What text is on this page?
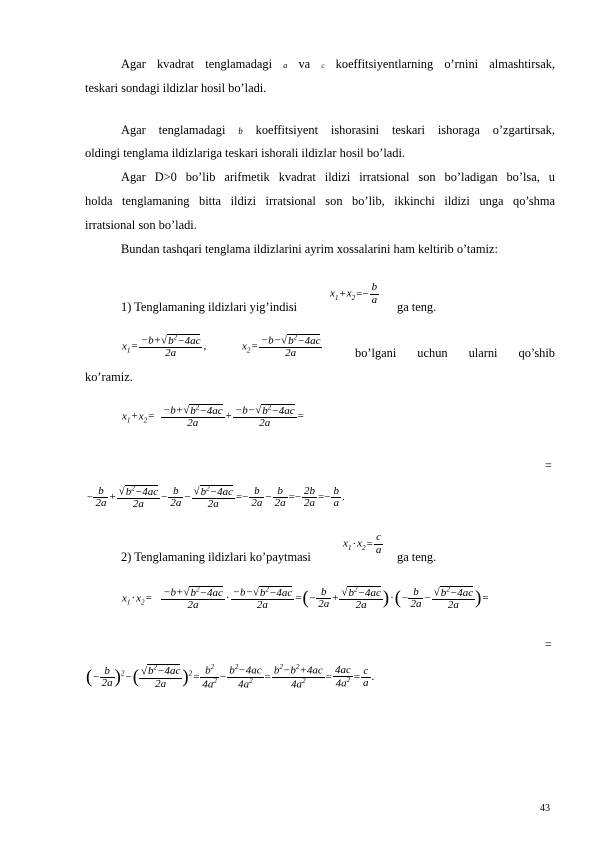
Agar kvadrat tenglamadagi a va c koeffitsiyentlarning o’rnini almashtirsak,
teskari sondagi ildizlar hosil bo’ladi.
Agar tenglamadagi b koeffitsiyent ishorasini teskari ishoraga o’zgartirsak,
oldingi tenglama ildizlariga teskari ishorali ildizlar hosil bo’ladi.
Agar D>0 bo’lib arifmetik kvadrat ildizi irratsional son bo’ladigan bo’lsa, u
holda tenglamaning bitta ildizi irratsional son bo’lib, ikkinchi ildizi unga qo’shma
irratsional son bo’ladi.
Bundan tashqari tenglama ildizlarini ayrim xossalarini ham keltirib o’tamiz:
1) Tenglamaning ildizlari yig’indisi
$x_1+x_2=- \frac{b}{a}$
ga teng.
$x_1= \frac{-b+√b^2-4ac}{2a}$ ,	$x_2= \frac{-b-√b^2-4ac}{2a}$	bo’lgani uchun ularni qo’shib
ko’ramiz.
$x_1+x_2= \frac{-b+√b^2-4ac}{2a} + \frac{-b-√b^2-4ac}{2a}$ =
=
− $\frac{b}{2a} + \frac{√b^2-4ac}{2a} - \frac{b}{2a} - \frac{√b^2-4ac}{2a} =- \frac{b}{2a} - \frac{b}{2a} =- \frac{2b}{2a} =- \frac{b}{a}$ .
2) Tenglamaning ildizlari ko’paytmasi
$x_1\cdot x_2= \frac{c}{a}$
ga teng.
$x_1\cdot x_2= \frac{-b+√b^2-4ac}{2a} \cdot \frac{-b-√b^2-4ac}{2a}$ =(− $\frac{b}{2a} + \frac{√b^2-4ac}{2a}$ )·(− $\frac{b}{2a} - \frac{√b^2-4ac}{2a}$ )=
=
(− $\frac{b}{2a} )^2-( \frac{√b^2-4ac}{2a} )^2= \frac{b^2}{4a^2} - \frac{b^2-4ac}{4a^2} = \frac{b^2-b^2+4ac}{4a^2} = \frac{4ac}{4a^2} = \frac{c}{a}$ .
43
